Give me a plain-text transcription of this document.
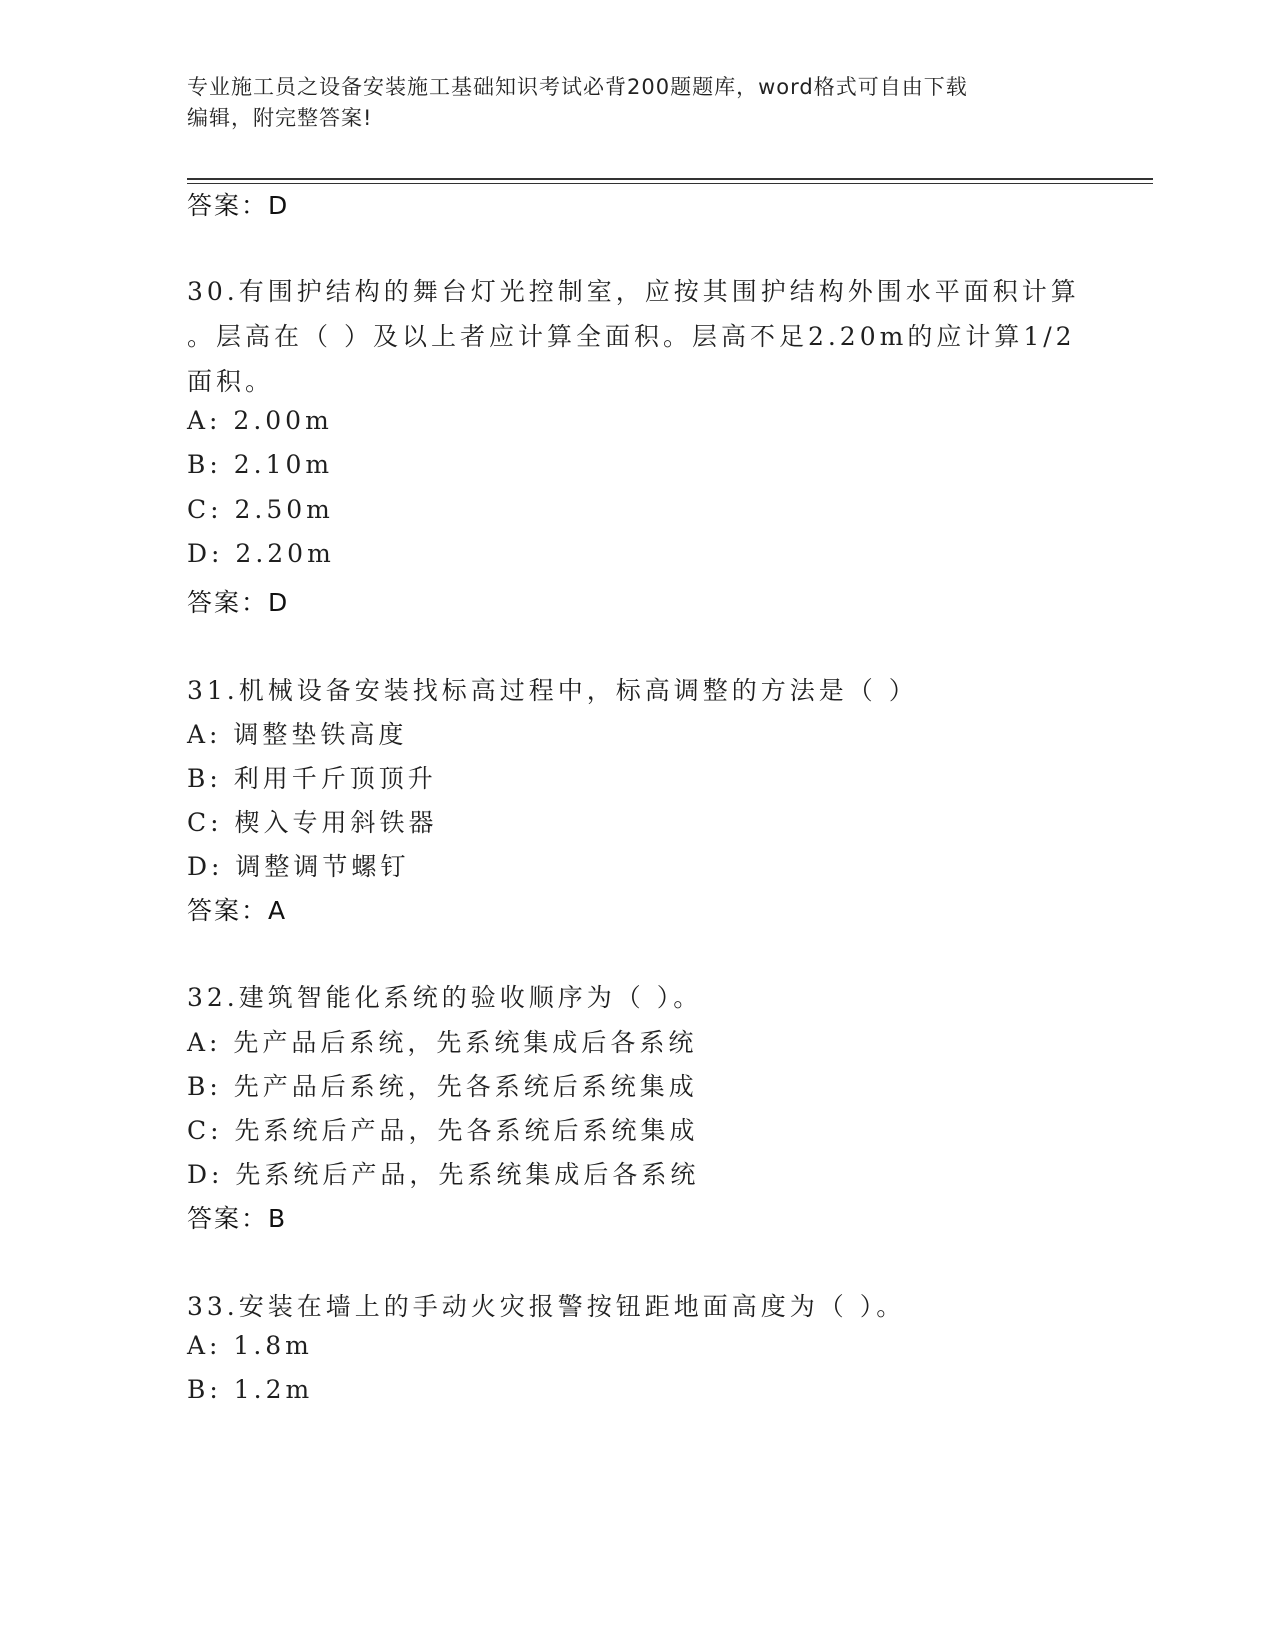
专业施工员之设备安装施工基础知识考试必背200题题库，word格式可自由下载
编辑，附完整答案!
答案：D
30.有围护结构的舞台灯光控制室，应按其围护结构外围水平面积计算
。层高在（ ）及以上者应计算全面积。层高不足2.20m的应计算1/2
面积。
A: 2.00m
B: 2.10m
C: 2.50m
D: 2.20m
答案：D
31.机械设备安装找标高过程中，标高调整的方法是（ ）
A: 调整垫铁高度
B: 利用千斤顶顶升
C: 楔入专用斜铁器
D: 调整调节螺钉
答案：A
32.建筑智能化系统的验收顺序为（ ）。
A: 先产品后系统，先系统集成后各系统
B: 先产品后系统，先各系统后系统集成
C: 先系统后产品，先各系统后系统集成
D: 先系统后产品，先系统集成后各系统
答案：B
33.安装在墙上的手动火灾报警按钮距地面高度为（ ）。
A: 1.8m
B: 1.2m
